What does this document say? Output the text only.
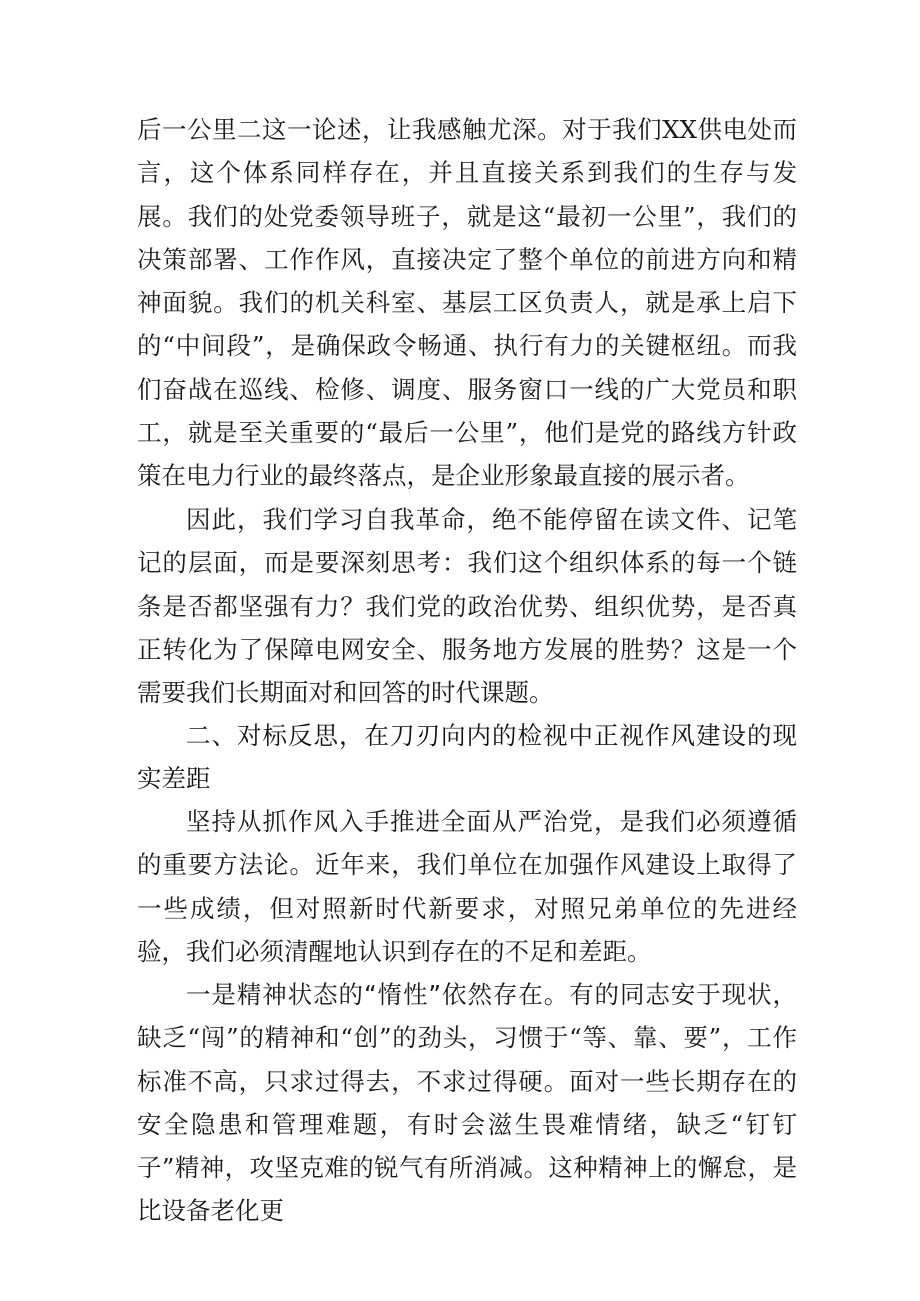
后一公里二这一论述，让我感触尤深。对于我们XX供电处而言，这个体系同样存在，并且直接关系到我们的生存与发展。我们的处党委领导班子，就是这“最初一公里”，我们的决策部署、工作作风，直接决定了整个单位的前进方向和精神面貌。我们的机关科室、基层工区负责人，就是承上启下的“中间段”，是确保政令畅通、执行有力的关键枢纽。而我们奋战在巡线、检修、调度、服务窗口一线的广大党员和职工，就是至关重要的“最后一公里”，他们是党的路线方针政策在电力行业的最终落点，是企业形象最直接的展示者。

因此，我们学习自我革命，绝不能停留在读文件、记笔记的层面，而是要深刻思考：我们这个组织体系的每一个链条是否都坚强有力？我们党的政治优势、组织优势，是否真正转化为了保障电网安全、服务地方发展的胜势？这是一个需要我们长期面对和回答的时代课题。

二、对标反思，在刀刃向内的检视中正视作风建设的现实差距

坚持从抓作风入手推进全面从严治党，是我们必须遵循的重要方法论。近年来，我们单位在加强作风建设上取得了一些成绩，但对照新时代新要求，对照兄弟单位的先进经验，我们必须清醒地认识到存在的不足和差距。

一是精神状态的“惰性”依然存在。有的同志安于现状，缺乏“闯”的精神和“创”的劲头，习惯于“等、靠、要”，工作标准不高，只求过得去，不求过得硬。面对一些长期存在的安全隐患和管理难题，有时会滋生畏难情绪，缺乏“钉钉子”精神，攻坚克难的锐气有所消减。这种精神上的懈怠，是比设备老化更
